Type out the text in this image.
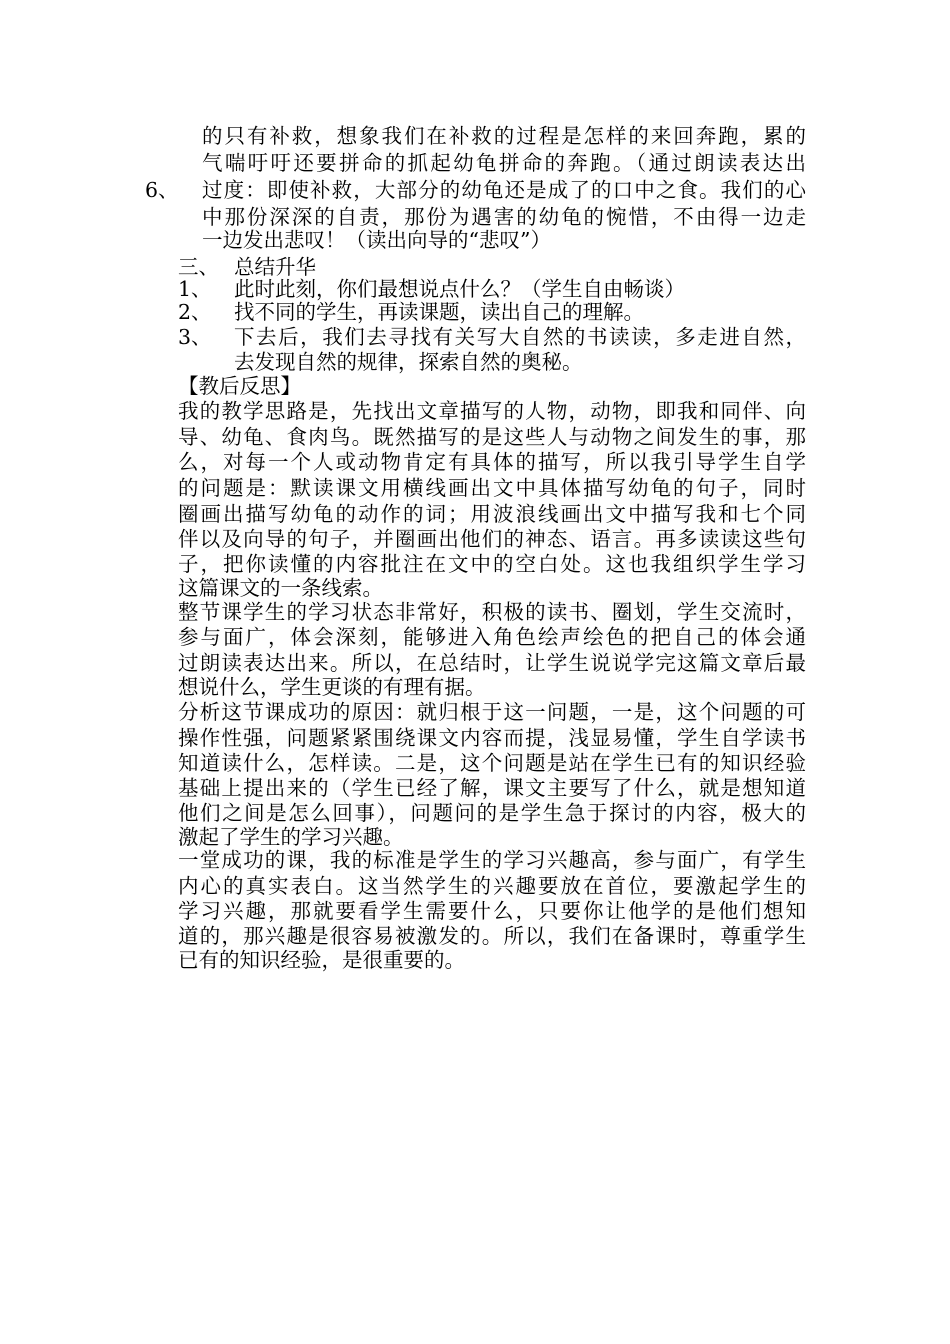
的只有补救，想象我们在补救的过程是怎样的来回奔跑，累的
气喘吁吁还要拼命的抓起幼龟拼命的奔跑。（通过朗读表达出
6、 过度：即使补救，大部分的幼龟还是成了的口中之食。我们的心
中那份深深的自责，那份为遇害的幼龟的惋惜，不由得一边走
一边发出悲叹！（读出向导的“悲叹”）
三、 总结升华
1、 此时此刻，你们最想说点什么？（学生自由畅谈）
2、 找不同的学生，再读课题，读出自己的理解。
3、 下去后，我们去寻找有关写大自然的书读读，多走进自然，
去发现自然的规律，探索自然的奥秘。
【教后反思】
我的教学思路是，先找出文章描写的人物，动物，即我和同伴、向
导、幼龟、食肉鸟。既然描写的是这些人与动物之间发生的事，那
么，对每一个人或动物肯定有具体的描写，所以我引导学生自学
的问题是：默读课文用横线画出文中具体描写幼龟的句子，同时
圈画出描写幼龟的动作的词；用波浪线画出文中描写我和七个同
伴以及向导的句子，并圈画出他们的神态、语言。再多读读这些句
子，把你读懂的内容批注在文中的空白处。这也我组织学生学习
这篇课文的一条线索。
整节课学生的学习状态非常好，积极的读书、圈划，学生交流时，
参与面广，体会深刻，能够进入角色绘声绘色的把自己的体会通
过朗读表达出来。所以，在总结时，让学生说说学完这篇文章后最
想说什么，学生更谈的有理有据。
分析这节课成功的原因：就归根于这一问题，一是，这个问题的可
操作性强，问题紧紧围绕课文内容而提，浅显易懂，学生自学读书
知道读什么，怎样读。二是，这个问题是站在学生已有的知识经验
基础上提出来的（学生已经了解，课文主要写了什么，就是想知道
他们之间是怎么回事），问题问的是学生急于探讨的内容，极大的
激起了学生的学习兴趣。
一堂成功的课，我的标准是学生的学习兴趣高，参与面广，有学生
内心的真实表白。这当然学生的兴趣要放在首位，要激起学生的
学习兴趣，那就要看学生需要什么，只要你让他学的是他们想知
道的，那兴趣是很容易被激发的。所以，我们在备课时，尊重学生
已有的知识经验，是很重要的。
